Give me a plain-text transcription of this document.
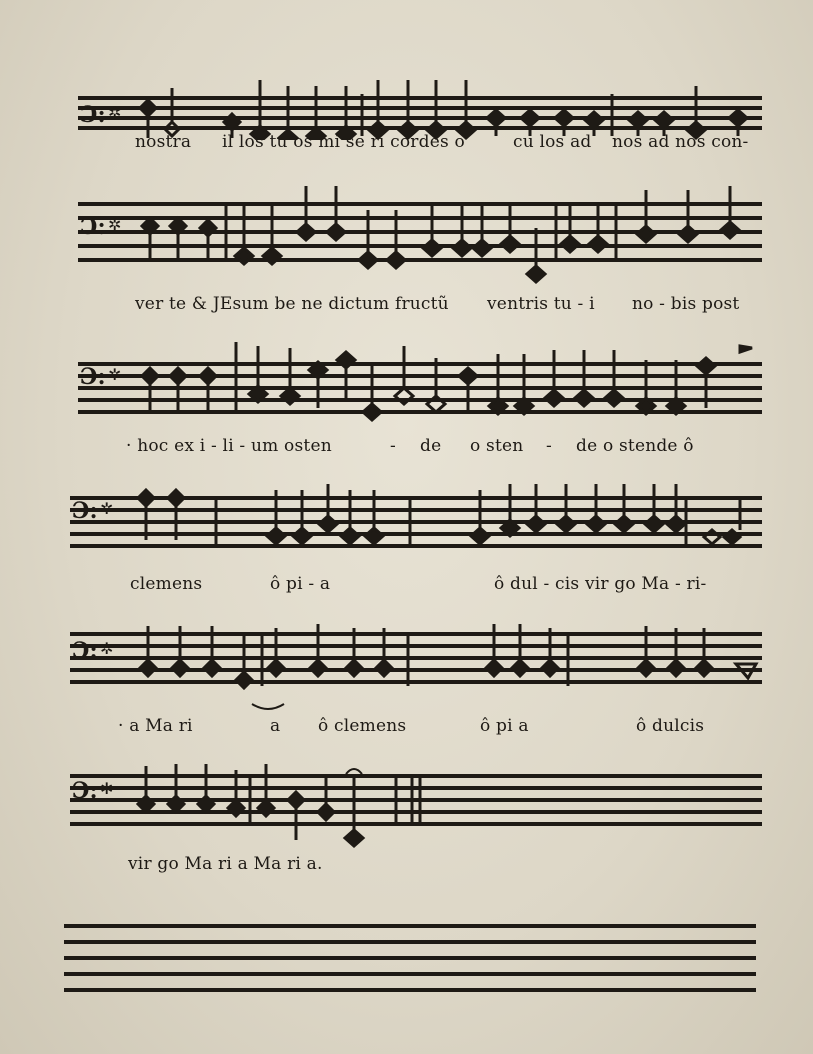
Ɔ: ✲
nostra il los tu os mi se ri cordes o	cu los ad nos ad nos con-
Ɔ: ✲
ver te & JEsum be ne dictum fructũ ventris tu - i no - bis post
Ɔ: ✲
· hoc ex i - li - um osten	- de o sten - de o stende ô
Ɔ: ✲
clemens	ô pi - a	ô dul - cis vir go Ma - ri-
Ɔ: ✲
· a Ma ri	a ô clemens	ô pi a	ô dulcis
Ɔ: ✲
vir go Ma ri a Ma ri a.
